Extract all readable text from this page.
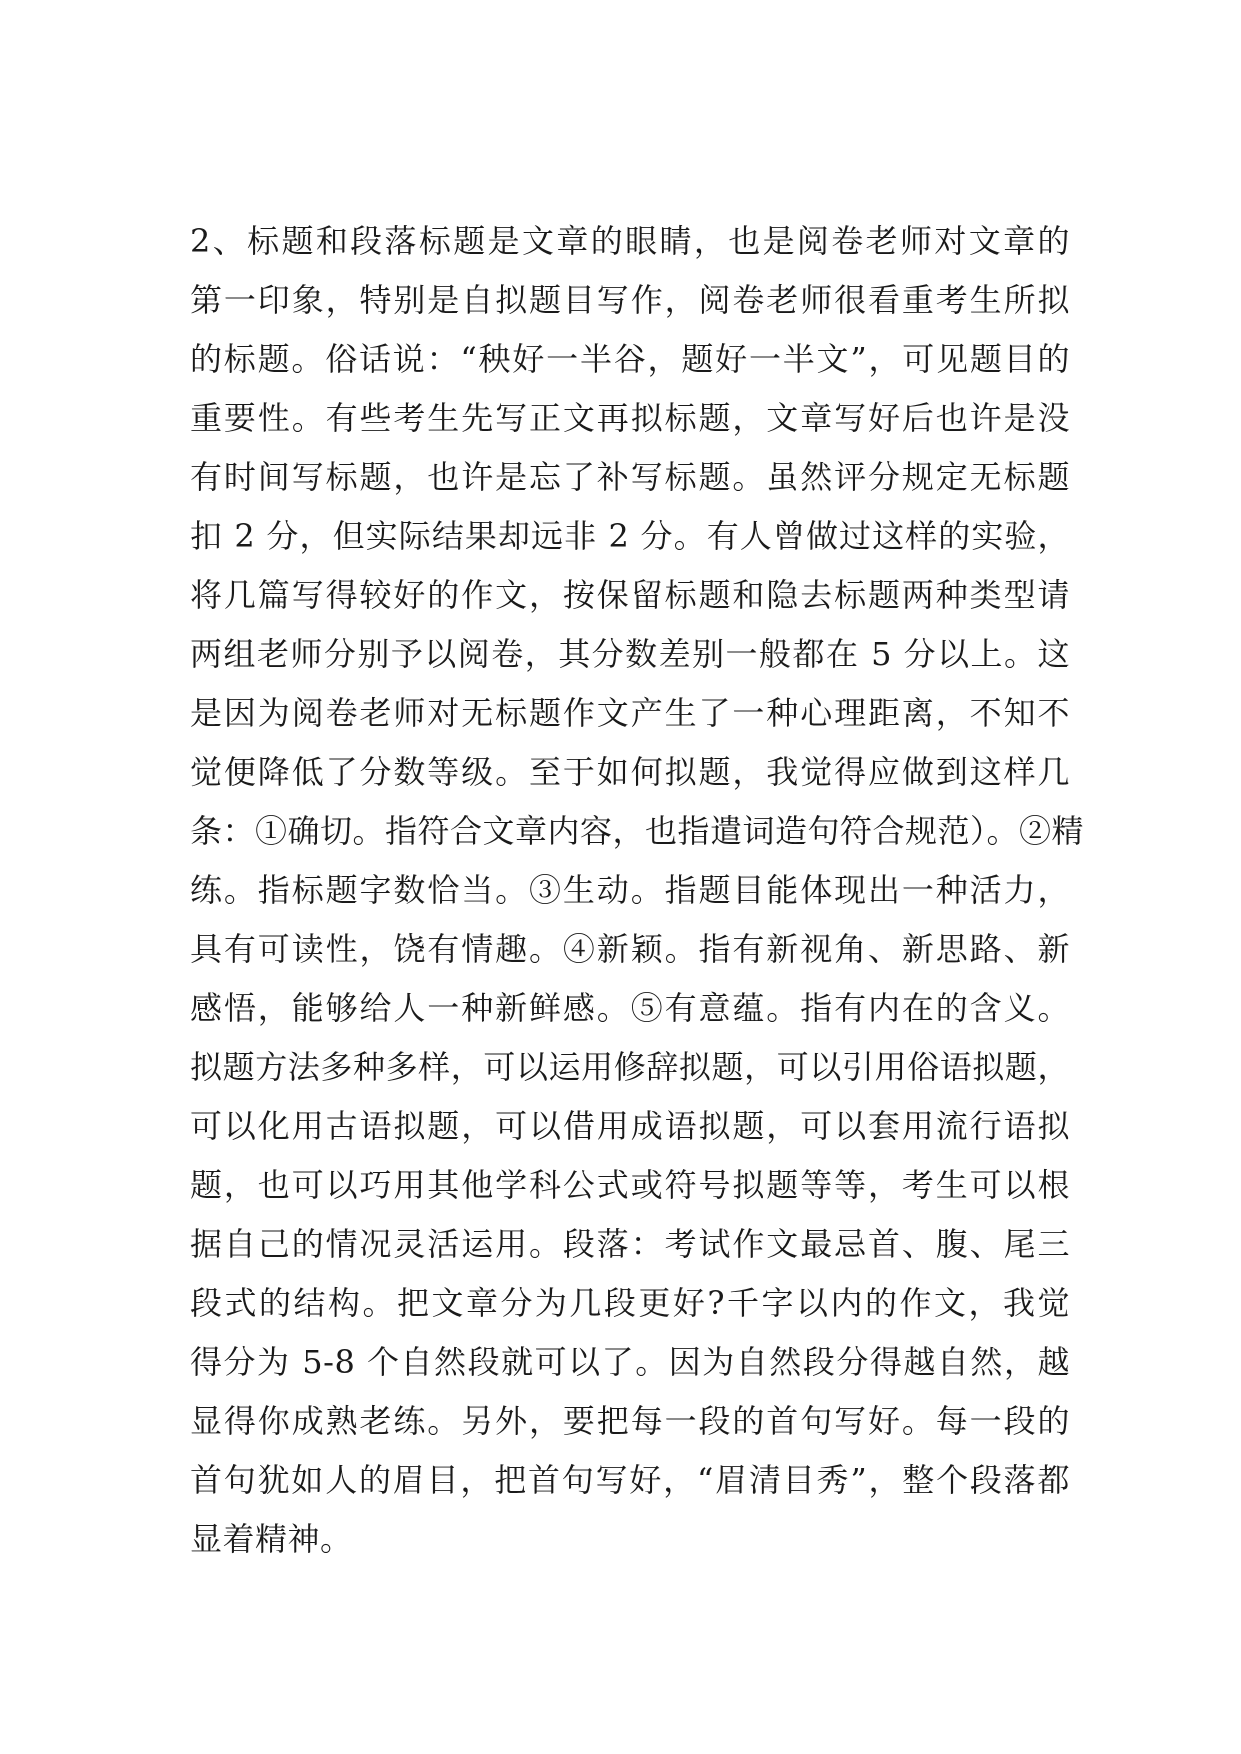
2、标题和段落标题是文章的眼睛，也是阅卷老师对文章的
第一印象，特别是自拟题目写作，阅卷老师很看重考生所拟
的标题。俗话说：“秧好一半谷，题好一半文”，可见题目的
重要性。有些考生先写正文再拟标题，文章写好后也许是没
有时间写标题，也许是忘了补写标题。虽然评分规定无标题
扣 2 分，但实际结果却远非 2 分。有人曾做过这样的实验，
将几篇写得较好的作文，按保留标题和隐去标题两种类型请
两组老师分别予以阅卷，其分数差别一般都在 5 分以上。这
是因为阅卷老师对无标题作文产生了一种心理距离，不知不
觉便降低了分数等级。至于如何拟题，我觉得应做到这样几
条：①确切。指符合文章内容，也指遣词造句符合规范）。②精
练。指标题字数恰当。③生动。指题目能体现出一种活力，
具有可读性，饶有情趣。④新颖。指有新视角、新思路、新
感悟，能够给人一种新鲜感。⑤有意蕴。指有内在的含义。
拟题方法多种多样，可以运用修辞拟题，可以引用俗语拟题，
可以化用古语拟题，可以借用成语拟题，可以套用流行语拟
题，也可以巧用其他学科公式或符号拟题等等，考生可以根
据自己的情况灵活运用。段落：考试作文最忌首、腹、尾三
段式的结构。把文章分为几段更好?千字以内的作文，我觉
得分为 5-8 个自然段就可以了。因为自然段分得越自然，越
显得你成熟老练。另外，要把每一段的首句写好。每一段的
首句犹如人的眉目，把首句写好，“眉清目秀”，整个段落都
显着精神。
